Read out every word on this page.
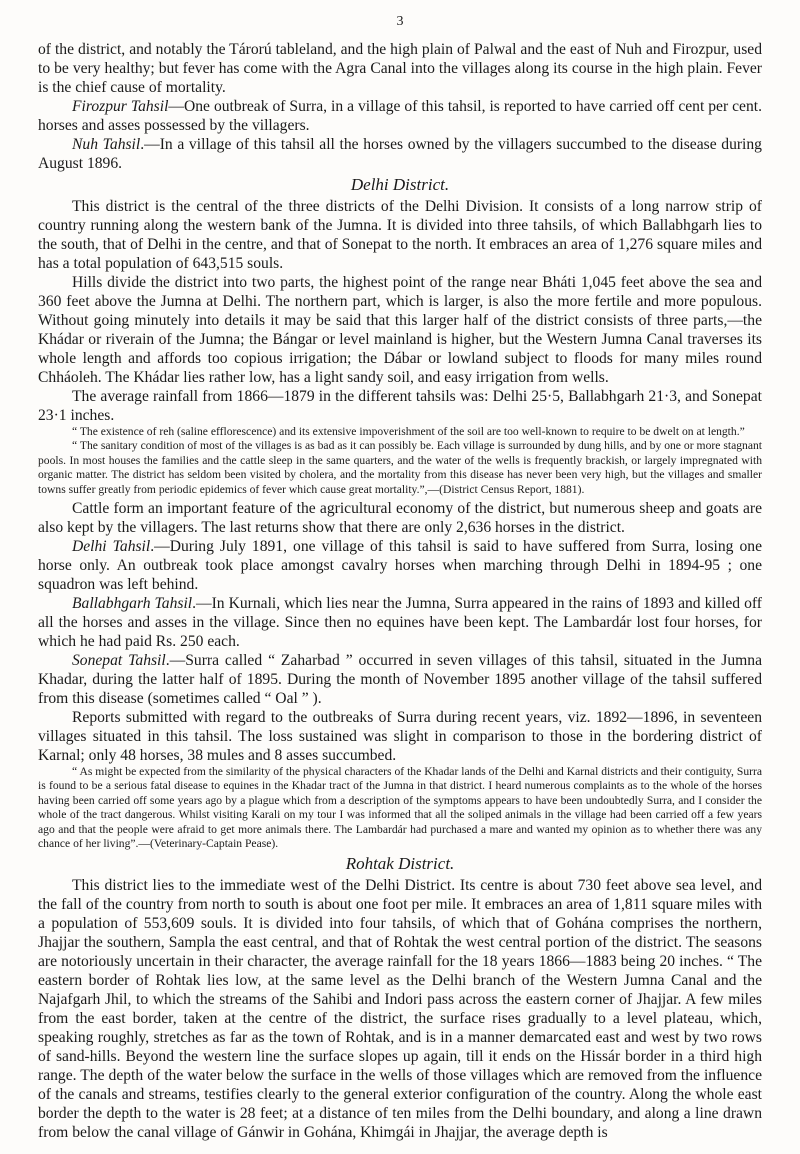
3

of the district, and notably the Tárorú tableland, and the high plain of Palwal and the east of Nuh and Firozpur, used to be very healthy; but fever has come with the Agra Canal into the villages along its course in the high plain. Fever is the chief cause of mortality.

Firozpur Tahsil—One outbreak of Surra, in a village of this tahsil, is reported to have carried off cent per cent. horses and asses possessed by the villagers.

Nuh Tahsil.—In a village of this tahsil all the horses owned by the villagers succumbed to the disease during August 1896.

Delhi District.

This district is the central of the three districts of the Delhi Division. It consists of a long narrow strip of country running along the western bank of the Jumna. It is divided into three tahsils, of which Ballabhgarh lies to the south, that of Delhi in the centre, and that of Sonepat to the north. It embraces an area of 1,276 square miles and has a total population of 643,515 souls.

Hills divide the district into two parts, the highest point of the range near Bháti 1,045 feet above the sea and 360 feet above the Jumna at Delhi. The northern part, which is larger, is also the more fertile and more populous. Without going minutely into details it may be said that this larger half of the district consists of three parts,—the Khádar or riverain of the Jumna; the Bángar or level mainland is higher, but the Western Jumna Canal traverses its whole length and affords too copious irrigation; the Dábar or lowland subject to floods for many miles round Chháoleh. The Khádar lies rather low, has a light sandy soil, and easy irrigation from wells.

The average rainfall from 1866—1879 in the different tahsils was: Delhi 25·5, Ballabhgarh 21·3, and Sonepat 23·1 inches.

“ The existence of reh (saline efflorescence) and its extensive impoverishment of the soil are too well-known to require to be dwelt on at length.”

“ The sanitary condition of most of the villages is as bad as it can possibly be. Each village is surrounded by dung hills, and by one or more stagnant pools. In most houses the families and the cattle sleep in the same quarters, and the water of the wells is frequently brackish, or largely impregnated with organic matter. The district has seldom been visited by cholera, and the mortality from this disease has never been very high, but the villages and smaller towns suffer greatly from periodic epidemics of fever which cause great mortality.”,—(District Census Report, 1881).

Cattle form an important feature of the agricultural economy of the district, but numerous sheep and goats are also kept by the villagers. The last returns show that there are only 2,636 horses in the district.

Delhi Tahsil.—During July 1891, one village of this tahsil is said to have suffered from Surra, losing one horse only. An outbreak took place amongst cavalry horses when marching through Delhi in 1894-95 ; one squadron was left behind.

Ballabhgarh Tahsil.—In Kurnali, which lies near the Jumna, Surra appeared in the rains of 1893 and killed off all the horses and asses in the village. Since then no equines have been kept. The Lambardár lost four horses, for which he had paid Rs. 250 each.

Sonepat Tahsil.—Surra called “ Zaharbad ” occurred in seven villages of this tahsil, situated in the Jumna Khadar, during the latter half of 1895. During the month of November 1895 another village of the tahsil suffered from this disease (sometimes called “ Oal ” ).

Reports submitted with regard to the outbreaks of Surra during recent years, viz. 1892—1896, in seventeen villages situated in this tahsil. The loss sustained was slight in comparison to those in the bordering district of Karnal; only 48 horses, 38 mules and 8 asses succumbed.

“ As might be expected from the similarity of the physical characters of the Khadar lands of the Delhi and Karnal districts and their contiguity, Surra is found to be a serious fatal disease to equines in the Khadar tract of the Jumna in that district. I heard numerous complaints as to the whole of the horses having been carried off some years ago by a plague which from a description of the symptoms appears to have been undoubtedly Surra, and I consider the whole of the tract dangerous. Whilst visiting Karali on my tour I was informed that all the soliped animals in the village had been carried off a few years ago and that the people were afraid to get more animals there. The Lambardár had purchased a mare and wanted my opinion as to whether there was any chance of her living”.—(Veterinary-Captain Pease).

Rohtak District.

This district lies to the immediate west of the Delhi District. Its centre is about 730 feet above sea level, and the fall of the country from north to south is about one foot per mile. It embraces an area of 1,811 square miles with a population of 553,609 souls. It is divided into four tahsils, of which that of Gohána comprises the northern, Jhajjar the southern, Sampla the east central, and that of Rohtak the west central portion of the district. The seasons are notoriously uncertain in their character, the average rainfall for the 18 years 1866—1883 being 20 inches. “ The eastern border of Rohtak lies low, at the same level as the Delhi branch of the Western Jumna Canal and the Najafgarh Jhil, to which the streams of the Sahibi and Indori pass across the eastern corner of Jhajjar. A few miles from the east border, taken at the centre of the district, the surface rises gradually to a level plateau, which, speaking roughly, stretches as far as the town of Rohtak, and is in a manner demarcated east and west by two rows of sand-hills. Beyond the western line the surface slopes up again, till it ends on the Hissár border in a third high range. The depth of the water below the surface in the wells of those villages which are removed from the influence of the canals and streams, testifies clearly to the general exterior configuration of the country. Along the whole east border the depth to the water is 28 feet; at a distance of ten miles from the Delhi boundary, and along a line drawn from below the canal village of Gánwir in Gohána, Khimgái in Jhajjar, the average depth is
